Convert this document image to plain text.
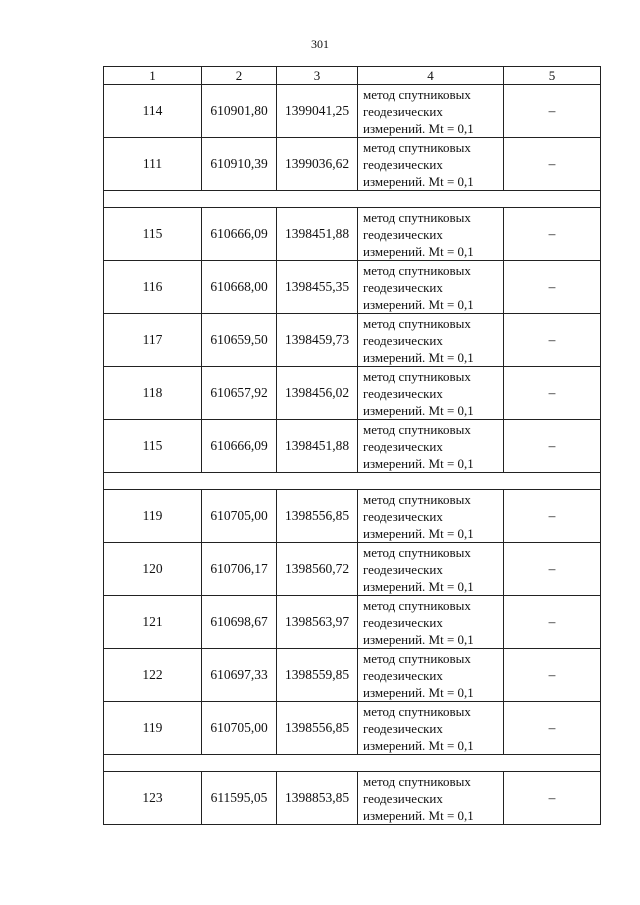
301
1	2	3	4	5
114	610901,80	1399041,25	метод спутниковых
геодезических
измерений. Mt = 0,1	–
111	610910,39	1399036,62	метод спутниковых
геодезических
измерений. Mt = 0,1	–

115	610666,09	1398451,88	метод спутниковых
геодезических
измерений. Mt = 0,1	–
116	610668,00	1398455,35	метод спутниковых
геодезических
измерений. Mt = 0,1	–
117	610659,50	1398459,73	метод спутниковых
геодезических
измерений. Mt = 0,1	–
118	610657,92	1398456,02	метод спутниковых
геодезических
измерений. Mt = 0,1	–
115	610666,09	1398451,88	метод спутниковых
геодезических
измерений. Mt = 0,1	–

119	610705,00	1398556,85	метод спутниковых
геодезических
измерений. Mt = 0,1	–
120	610706,17	1398560,72	метод спутниковых
геодезических
измерений. Mt = 0,1	–
121	610698,67	1398563,97	метод спутниковых
геодезических
измерений. Mt = 0,1	–
122	610697,33	1398559,85	метод спутниковых
геодезических
измерений. Mt = 0,1	–
119	610705,00	1398556,85	метод спутниковых
геодезических
измерений. Mt = 0,1	–

123	611595,05	1398853,85	метод спутниковых
геодезических
измерений. Mt = 0,1	–
